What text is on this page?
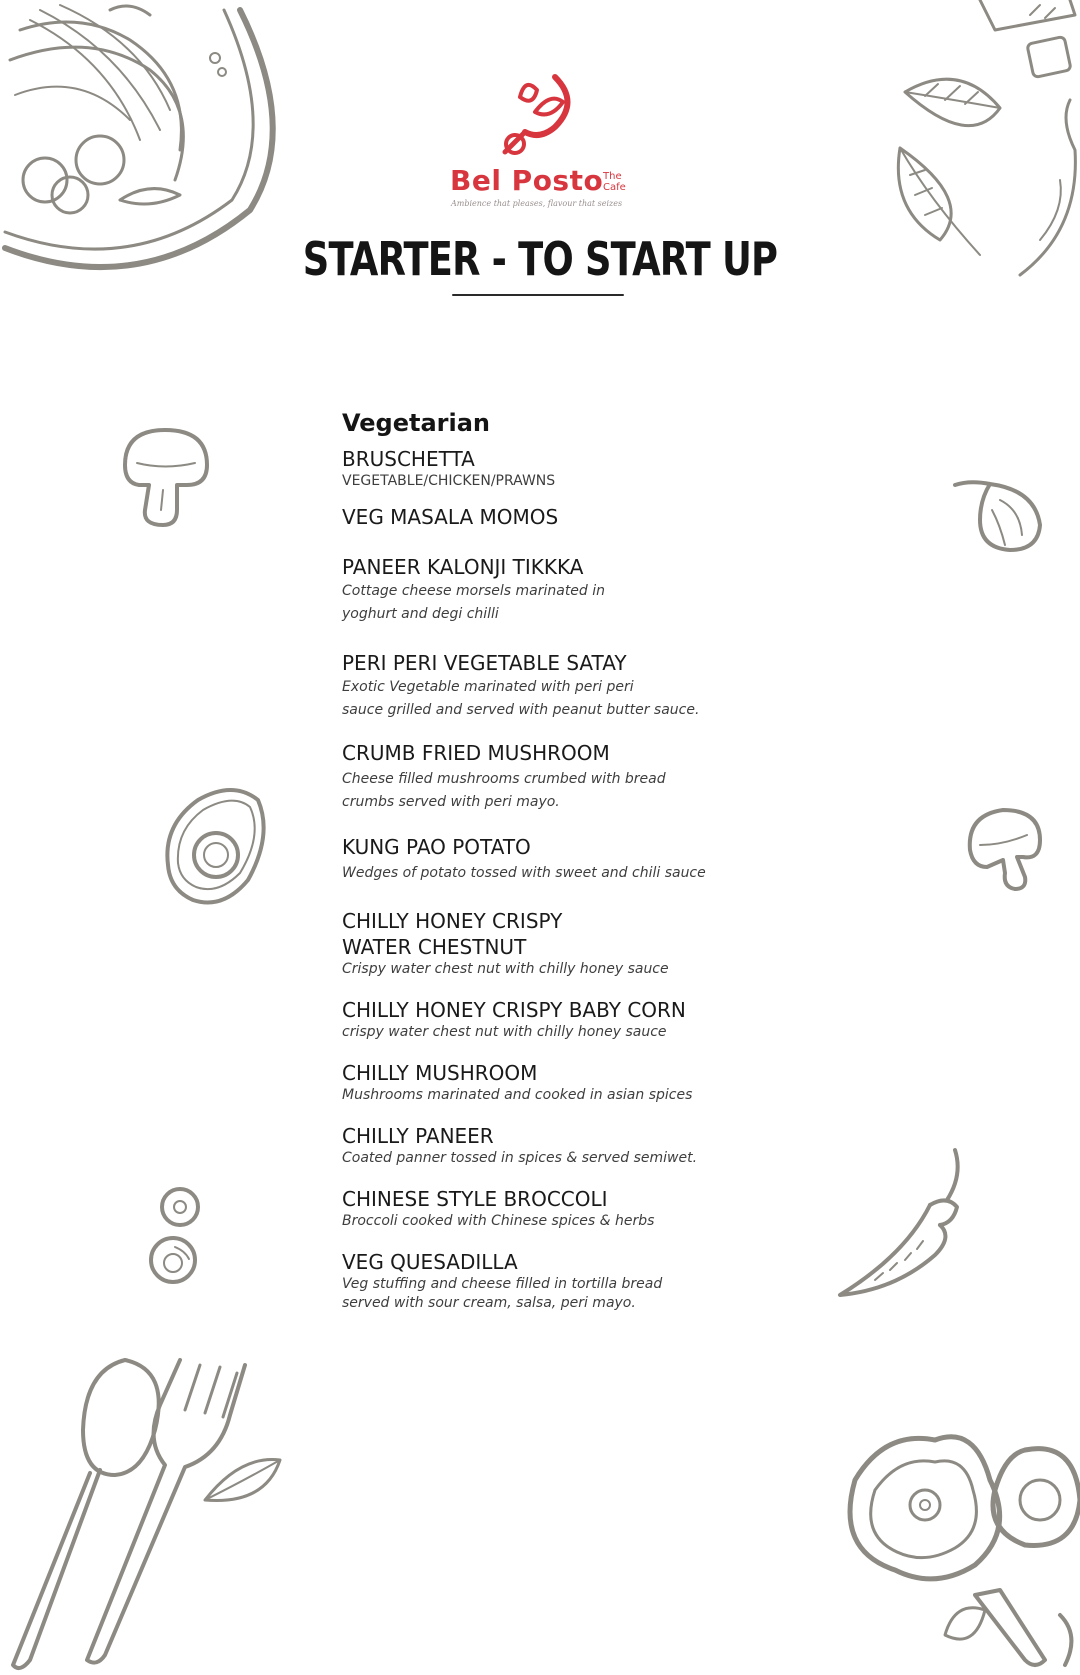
Bel Posto The
Cafe
Ambience that pleases, flavour that seizes
STARTER - TO START UP
Vegetarian

BRUSCHETTA

VEGETABLE/CHICKEN/PRAWNS

VEG MASALA MOMOS

PANEER KALONJI TIKKKA

Cottage cheese morsels marinated in
yoghurt and degi chilli

PERI PERI VEGETABLE SATAY

Exotic Vegetable marinated with peri peri
sauce grilled and served with peanut butter sauce.

CRUMB FRIED MUSHROOM

Cheese filled mushrooms crumbed with bread
crumbs served with peri mayo.

KUNG PAO POTATO

Wedges of potato tossed with sweet and chili sauce

CHILLY HONEY CRISPY
WATER CHESTNUT

Crispy water chest nut with chilly honey sauce

CHILLY HONEY CRISPY BABY CORN

crispy water chest nut with chilly honey sauce

CHILLY MUSHROOM

Mushrooms marinated and cooked in asian spices

CHILLY PANEER

Coated panner tossed in spices & served semiwet.

CHINESE STYLE BROCCOLI

Broccoli cooked with Chinese spices & herbs

VEG QUESADILLA

Veg stuffing and cheese filled in tortilla bread
served with sour cream, salsa, peri mayo.
